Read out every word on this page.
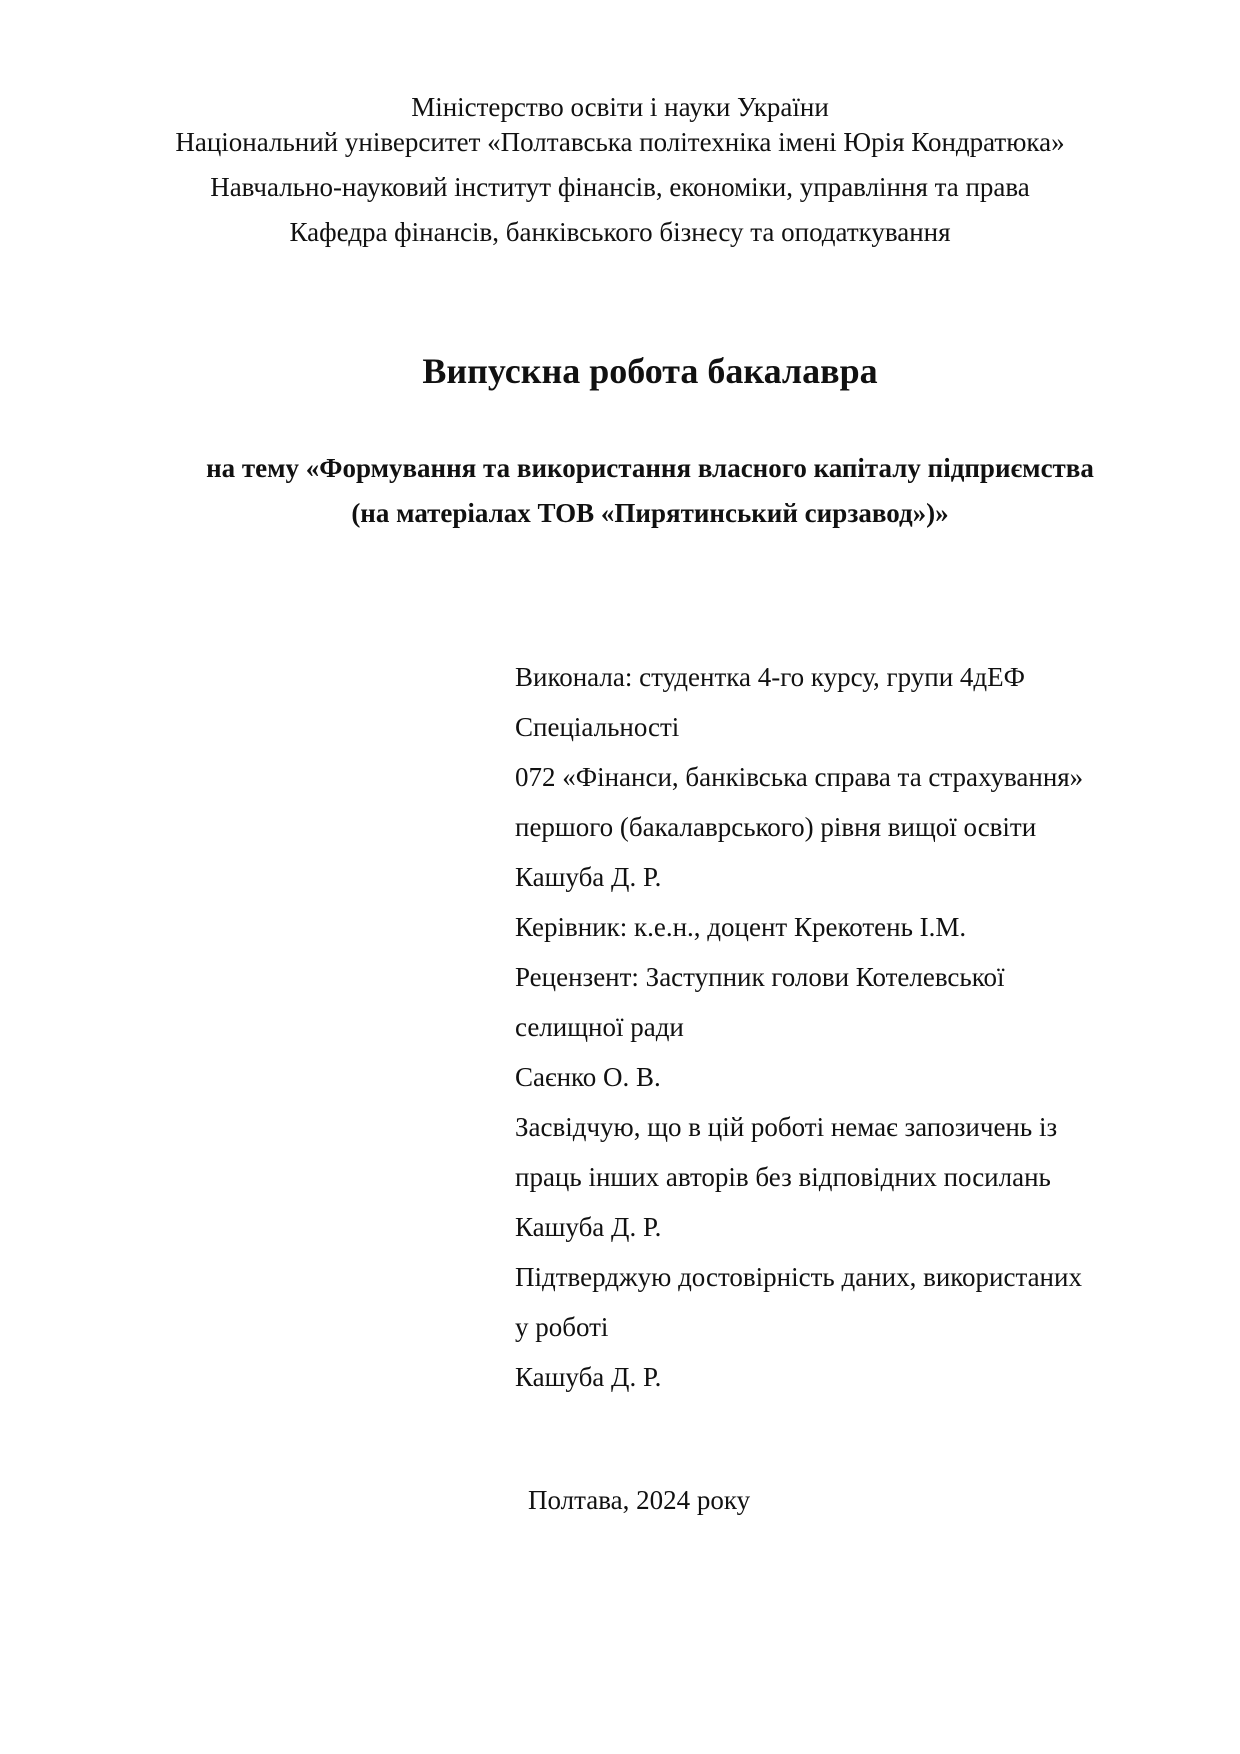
Міністерство освіти і науки України
Національний університет «Полтавська політехніка імені Юрія Кондратюка»
Навчально-науковий інститут фінансів, економіки, управління та права
Кафедра фінансів, банківського бізнесу та оподаткування
Випускна робота бакалавра
на тему «Формування та використання власного капіталу підприємства
(на матеріалах ТОВ «Пирятинський сирзавод»)»
Виконала: студентка 4-го курсу, групи 4дЕФ
Спеціальності
072 «Фінанси, банківська справа та страхування»
першого (бакалаврського) рівня вищої освіти
Кашуба Д. Р.
Керівник: к.е.н., доцент Крекотень І.М.
Рецензент: Заступник голови Котелевської
селищної ради
Саєнко О. В.
Засвідчую, що в цій роботі немає запозичень із
праць інших авторів без відповідних посилань
Кашуба Д. Р.
Підтверджую достовірність даних, використаних
у роботі
Кашуба Д. Р.
Полтава, 2024 року
